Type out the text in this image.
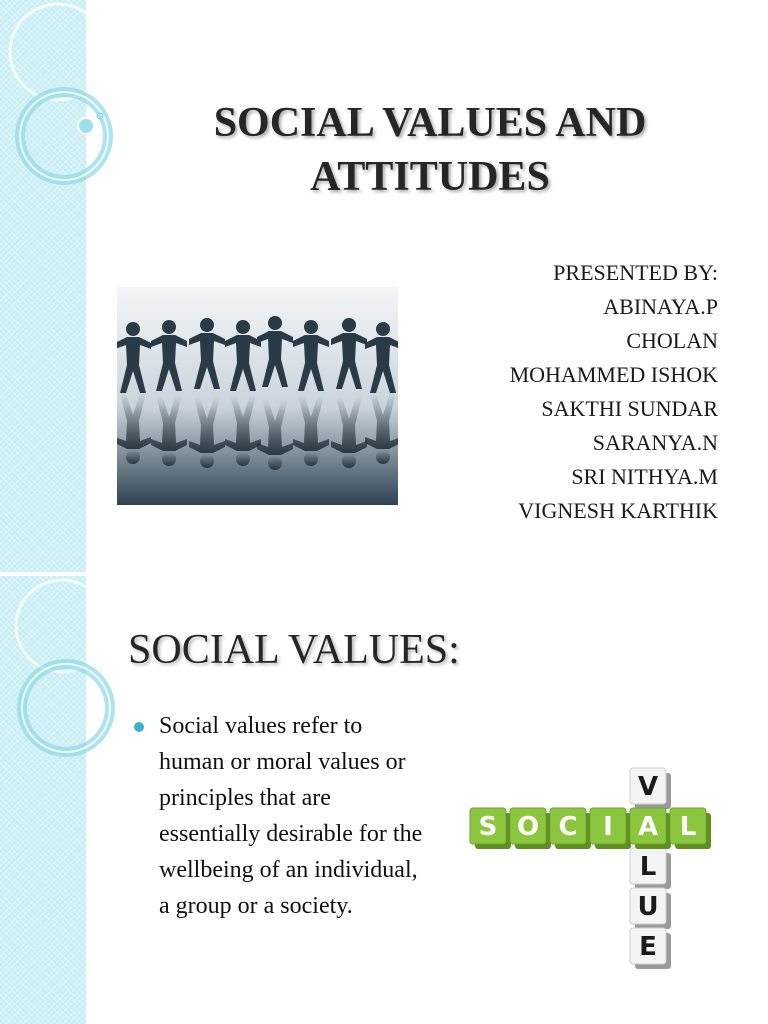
SOCIAL VALUES AND
ATTITUDES
PRESENTED BY:
ABINAYA.P
CHOLAN
MOHAMMED ISHOK
SAKTHI SUNDAR
SARANYA.N
SRI NITHYA.M
VIGNESH KARTHIK
SOCIAL VALUES:
Social values refer to human or moral values or principles that are essentially desirable for the wellbeing of an individual, a group or a society.
V
L
U
E
S O C I A L
